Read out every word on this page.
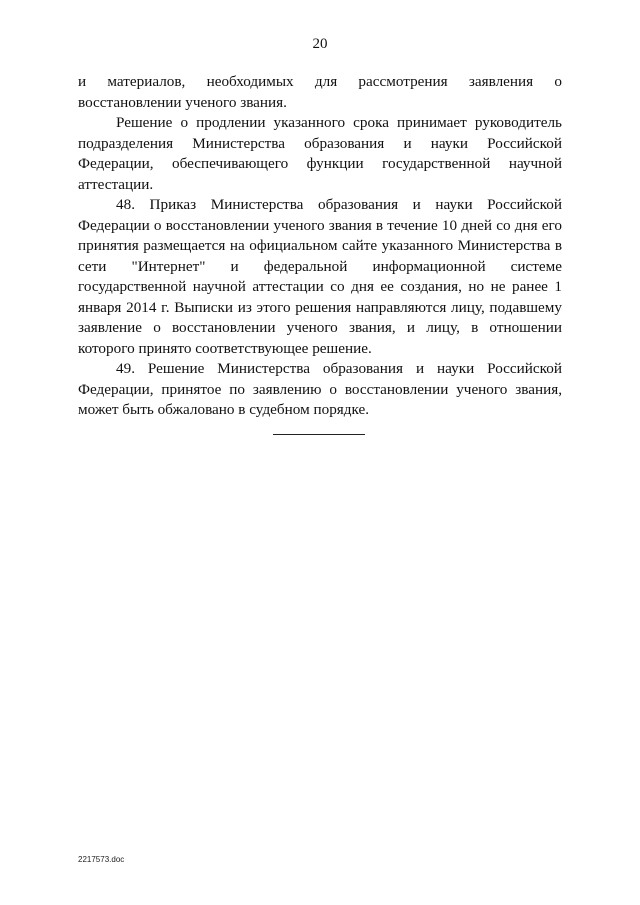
20

и материалов, необходимых для рассмотрения заявления о восстановлении ученого звания.

Решение о продлении указанного срока принимает руководитель подразделения Министерства образования и науки Российской Федерации, обеспечивающего функции государственной научной аттестации.

48. Приказ Министерства образования и науки Российской Федерации о восстановлении ученого звания в течение 10 дней со дня его принятия размещается на официальном сайте указанного Министерства в сети "Интернет" и федеральной информационной системе государственной научной аттестации со дня ее создания, но не ранее 1 января 2014 г. Выписки из этого решения направляются лицу, подавшему заявление о восстановлении ученого звания, и лицу, в отношении которого принято соответствующее решение.

49. Решение Министерства образования и науки Российской Федерации, принятое по заявлению о восстановлении ученого звания, может быть обжаловано в судебном порядке.

2217573.doc
